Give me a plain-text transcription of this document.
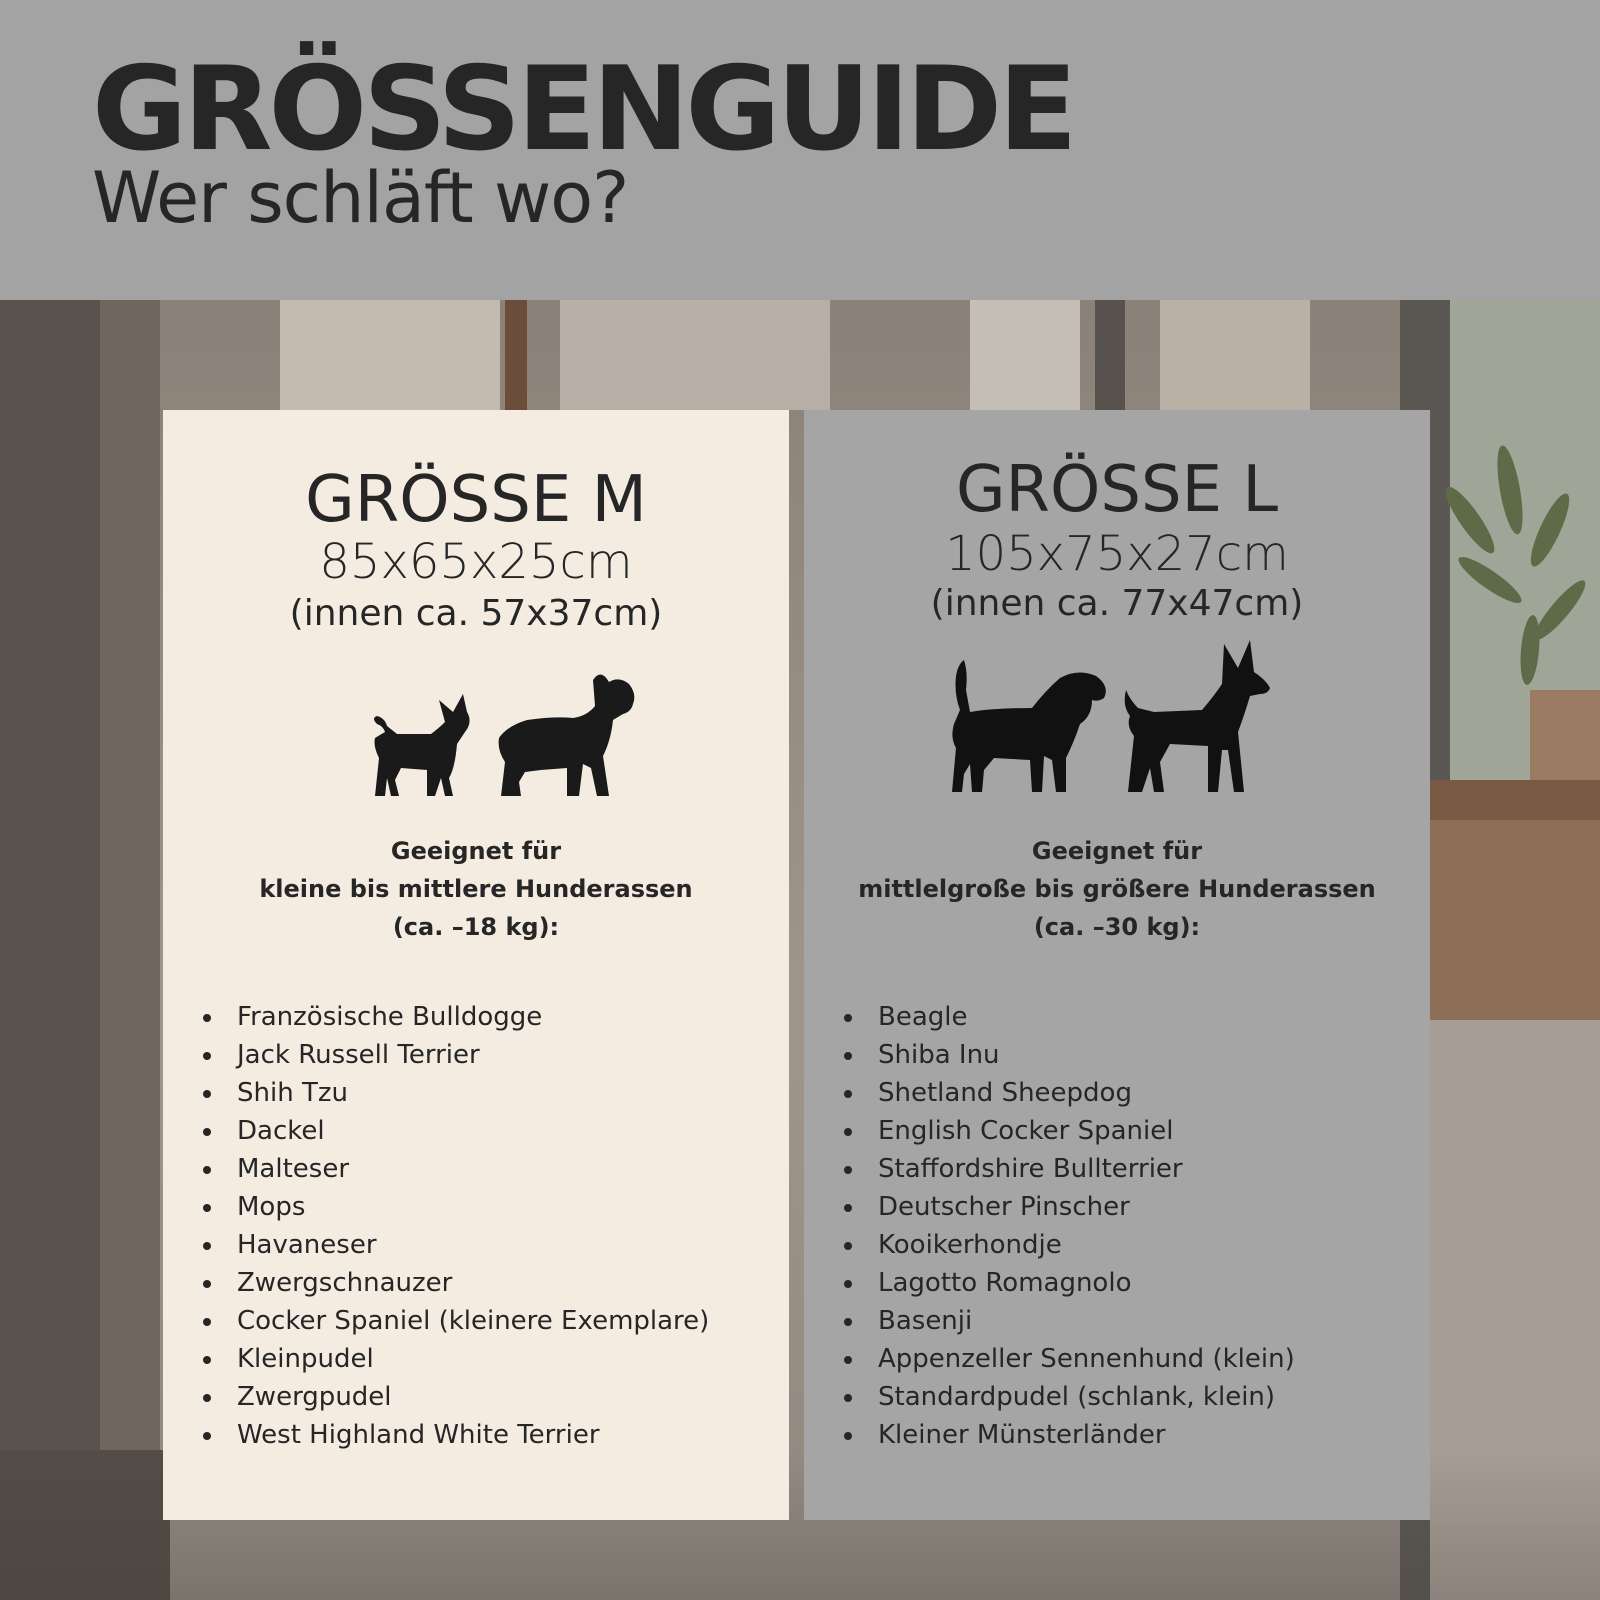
GRÖSSENGUIDE
Wer schläft wo?
GRÖSSE M
85x65x25cm
(innen ca. 57x37cm)
Geeignet für
kleine bis mittlere Hunderassen
(ca. –18 kg):
Französische Bulldogge
Jack Russell Terrier
Shih Tzu
Dackel
Malteser
Mops
Havaneser
Zwergschnauzer
Cocker Spaniel (kleinere Exemplare)
Kleinpudel
Zwergpudel
West Highland White Terrier
GRÖSSE L
105x75x27cm
(innen ca. 77x47cm)
Geeignet für
mittlelgroße bis größere Hunderassen
(ca. –30 kg):
Beagle
Shiba Inu
Shetland Sheepdog
English Cocker Spaniel
Staffordshire Bullterrier
Deutscher Pinscher
Kooikerhondje
Lagotto Romagnolo
Basenji
Appenzeller Sennenhund (klein)
Standardpudel (schlank, klein)
Kleiner Münsterländer
